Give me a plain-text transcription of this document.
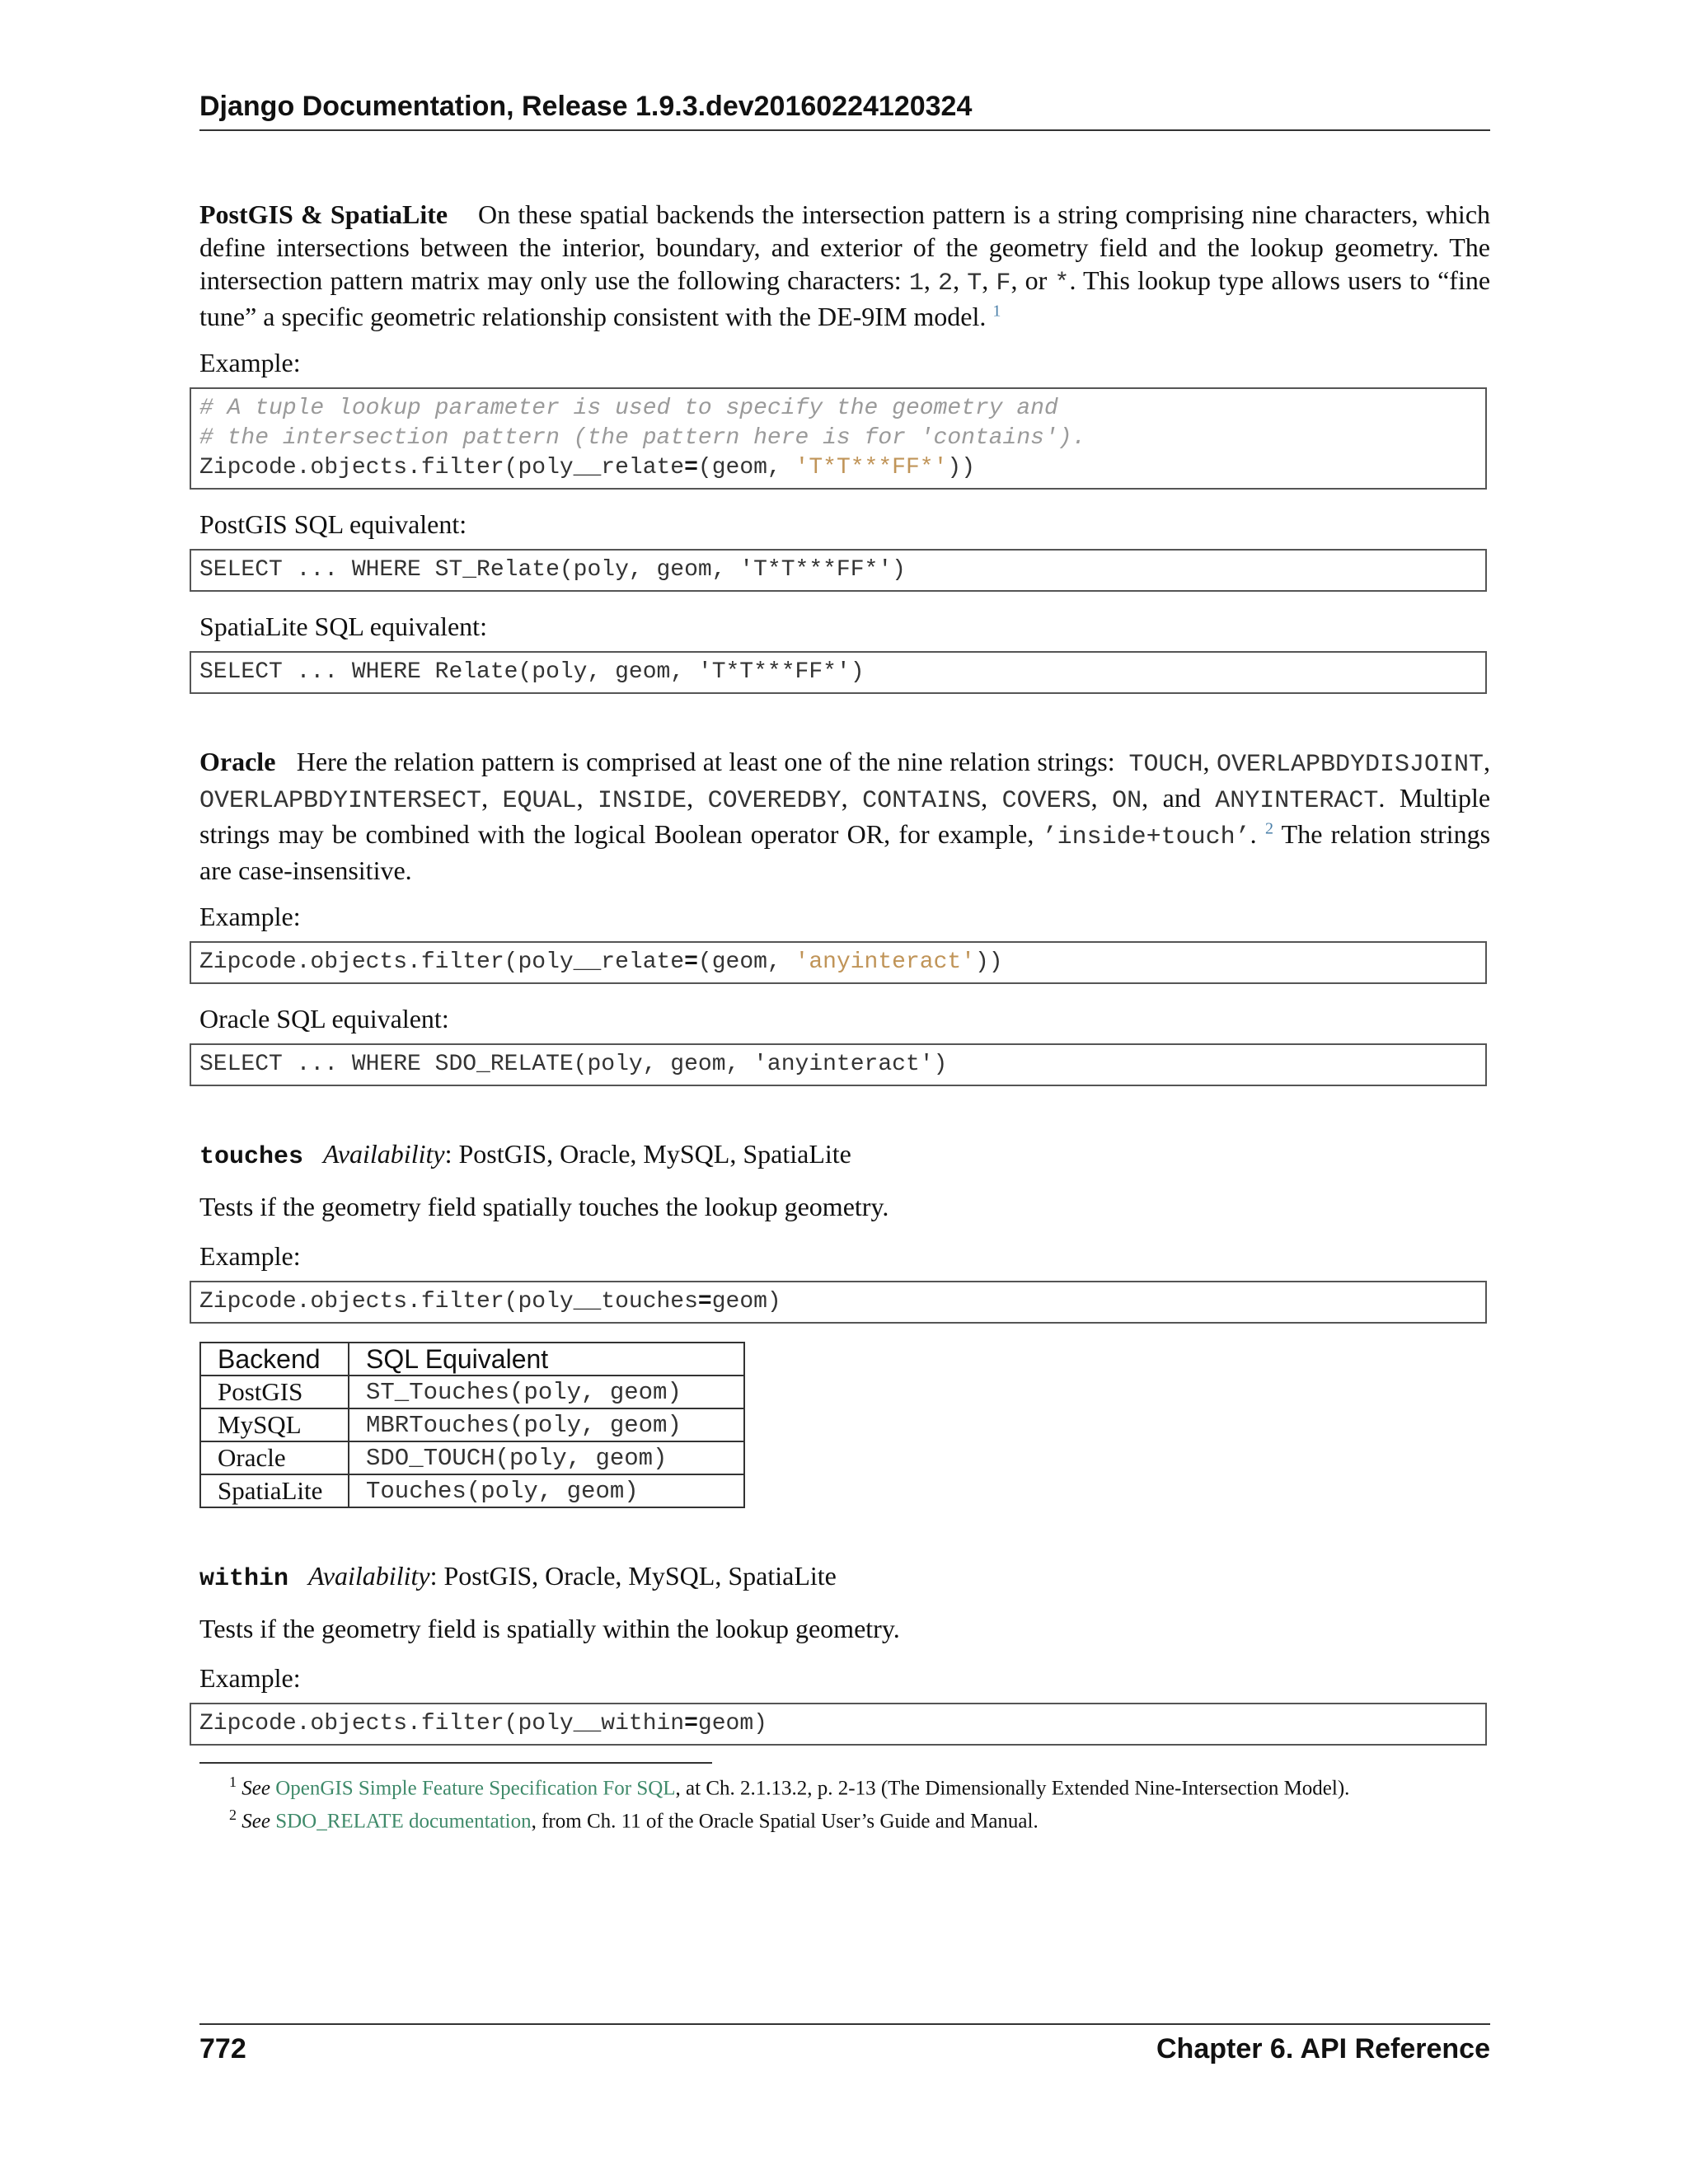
Django Documentation, Release 1.9.3.dev20160224120324

PostGIS & SpatiaLite On these spatial backends the intersection pattern is a string comprising nine characters, which define intersections between the interior, boundary, and exterior of the geometry field and the lookup geometry. The intersection pattern matrix may only use the following characters: 1, 2, T, F, or *. This lookup type allows users to “fine tune” a specific geometric relationship consistent with the DE-9IM model. $^1$

Example:

# A tuple lookup parameter is used to specify the geometry and
# the intersection pattern (the pattern here is for 'contains').
Zipcode.objects.filter(poly__relate=(geom, 'T*T***FF*'))

PostGIS SQL equivalent:

SELECT ... WHERE ST_Relate(poly, geom, 'T*T***FF*')

SpatiaLite SQL equivalent:

SELECT ... WHERE Relate(poly, geom, 'T*T***FF*')

Oracle Here the relation pattern is comprised at least one of the nine relation strings: TOUCH, OVERLAPBDYDISJOINT, OVERLAPBDYINTERSECT, EQUAL, INSIDE, COVEREDBY, CONTAINS, COVERS, ON, and ANYINTERACT. Multiple strings may be combined with the logical Boolean operator OR, for example, ’inside+touch’. $^2$ The relation strings are case-insensitive.

Example:

Zipcode.objects.filter(poly__relate=(geom, 'anyinteract'))

Oracle SQL equivalent:

SELECT ... WHERE SDO_RELATE(poly, geom, 'anyinteract')

touches Availability: PostGIS, Oracle, MySQL, SpatiaLite

Tests if the geometry field spatially touches the lookup geometry.

Example:

Zipcode.objects.filter(poly__touches=geom)
Backend	SQL Equivalent
PostGIS	ST_Touches(poly, geom)
MySQL	MBRTouches(poly, geom)
Oracle	SDO_TOUCH(poly, geom)
SpatiaLite	Touches(poly, geom)

within Availability: PostGIS, Oracle, MySQL, SpatiaLite

Tests if the geometry field is spatially within the lookup geometry.

Example:

Zipcode.objects.filter(poly__within=geom)
$^1$ See OpenGIS Simple Feature Specification For SQL, at Ch. 2.1.13.2, p. 2-13 (The Dimensionally Extended Nine-Intersection Model).
$^2$ See SDO_RELATE documentation, from Ch. 11 of the Oracle Spatial User’s Guide and Manual.
772	Chapter 6. API Reference
